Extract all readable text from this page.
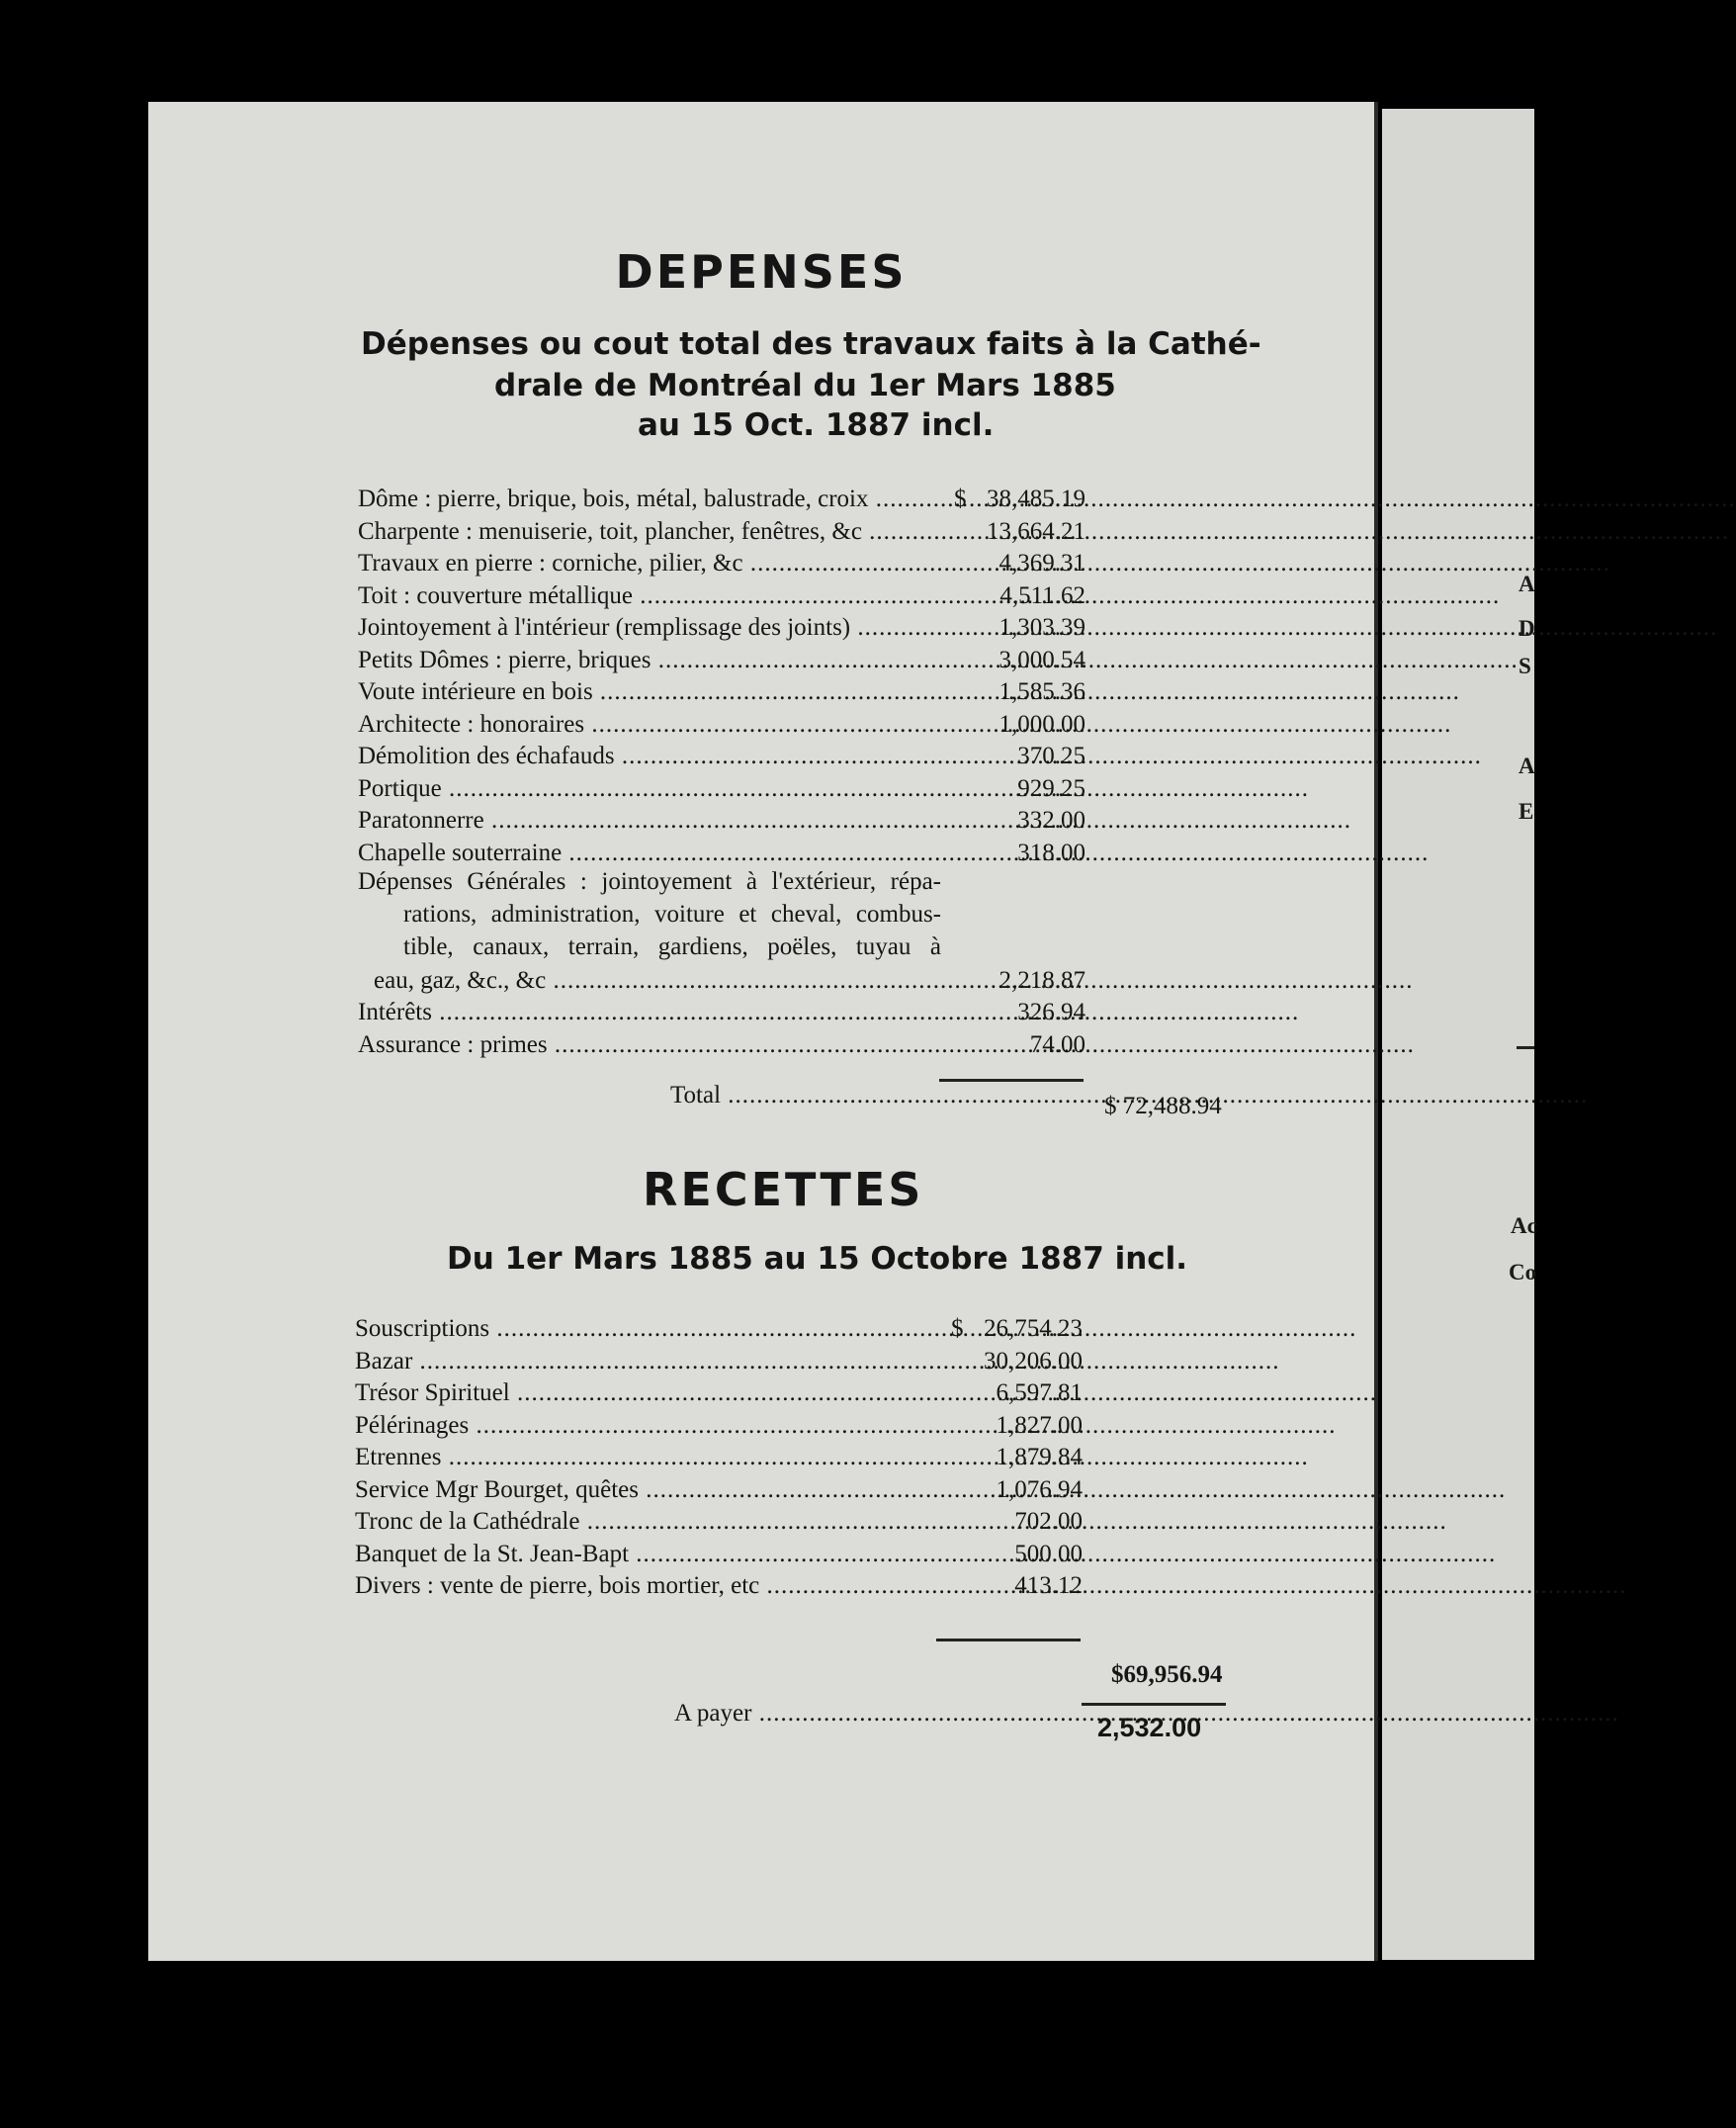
A
D
S
A
E
Ac
Co
DEPENSES
Dépenses ou cout total des travaux faits à la Cathé-
drale de Montréal du 1er Mars 1885
au 15 Oct. 1887 incl.
Dôme : pierre, brique, bois, métal, balustrade, croix .....	$ 38,485.19
Charpente : menuiserie, toit, plancher, fenêtres, &c .....	13,664.21
Travaux en pierre : corniche, pilier, &c .....	4,369.31
Toit : couverture métallique .....	4,511.62
Jointoyement à l'intérieur (remplissage des joints) .....	1,303.39
Petits Dômes : pierre, briques .....	3,000.54
Voute intérieure en bois .....	1,585.36
Architecte : honoraires .....	1,000.00
Démolition des échafauds .....	370.25
Portique .....	929.25
Paratonnerre .....	332.00
Chapelle souterraine .....	318.00
Dépenses Générales : jointoyement à l'extérieur, répa-
rations, administration, voiture et cheval, combus-
tible, canaux, terrain, gardiens, poëles, tuyau à
eau, gaz, &c., &c .....	2,218.87
Intérêts .....	326.94
Assurance : primes .....	74.00
Total .....	$ 72,488.94
RECETTES
Du 1er Mars 1885 au 15 Octobre 1887 incl.
Souscriptions .....	$ 26,754.23
Bazar .....	30,206.00
Trésor Spirituel .....	6,597.81
Pélérinages .....	1,827.00
Etrennes .....	1,879.84
Service Mgr Bourget, quêtes .....	1,076.94
Tronc de la Cathédrale .....	702.00
Banquet de la St. Jean-Bapt .....	500.00
Divers : vente de pierre, bois mortier, etc .....	413.12
$69,956.94
A payer .....	2,532.00
